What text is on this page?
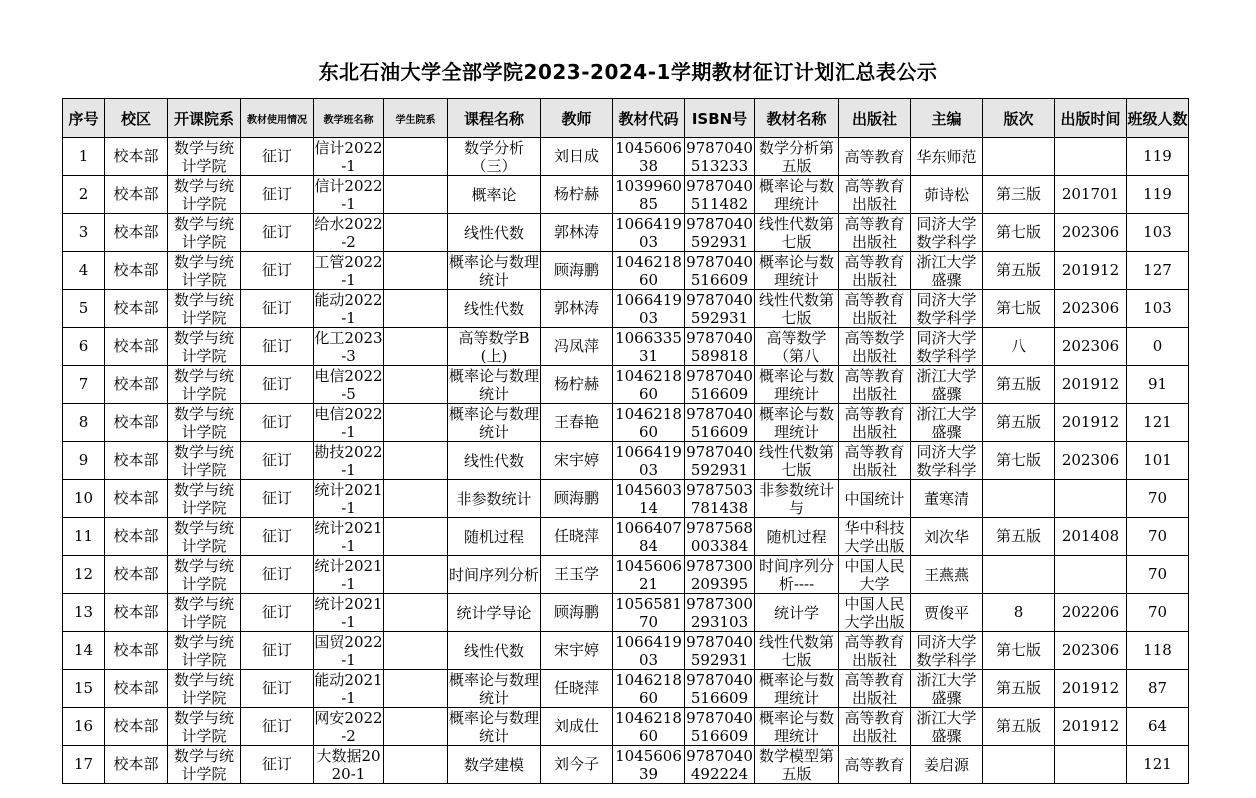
东北石油大学全部学院2023-2024-1学期教材征订计划汇总表公示
序号	校区	开课院系	教材使用情况	教学班名称	学生院系	课程名称	教师	教材代码	ISBN号	教材名称	出版社	主编	版次	出版时间	班级人数

1	校本部	数学与统计学院	征订	信计2022-1		数学分析（三）	刘日成	104560638	9787040513233	数学分析第五版	高等教育	华东师范			119

2	校本部	数学与统计学院	征订	信计2022-1		概率论	杨柠赫	103996085	9787040511482	概率论与数理统计	高等教育出版社	茆诗松	第三版	201701	119

3	校本部	数学与统计学院	征订	给水2022-2		线性代数	郭林涛	106641903	9787040592931	线性代数第七版	高等教育出版社	同济大学数学科学	第七版	202306	103

4	校本部	数学与统计学院	征订	工管2022-1		概率论与数理统计	顾海鹏	104621860	9787040516609	概率论与数理统计	高等教育出版社	浙江大学盛骤	第五版	201912	127

5	校本部	数学与统计学院	征订	能动2022-1		线性代数	郭林涛	106641903	9787040592931	线性代数第七版	高等教育出版社	同济大学数学科学	第七版	202306	103

6	校本部	数学与统计学院	征订	化工2023-3		高等数学B(上)	冯凤萍	106633531	9787040589818	高等数学（第八	高等数学出版社	同济大学数学科学	八	202306	0

7	校本部	数学与统计学院	征订	电信2022-5		概率论与数理统计	杨柠赫	104621860	9787040516609	概率论与数理统计	高等教育出版社	浙江大学盛骤	第五版	201912	91

8	校本部	数学与统计学院	征订	电信2022-1		概率论与数理统计	王春艳	104621860	9787040516609	概率论与数理统计	高等教育出版社	浙江大学盛骤	第五版	201912	121

9	校本部	数学与统计学院	征订	勘技2022-1		线性代数	宋宇婷	106641903	9787040592931	线性代数第七版	高等教育出版社	同济大学数学科学	第七版	202306	101

10	校本部	数学与统计学院	征订	统计2021-1		非参数统计	顾海鹏	104560314	9787503781438	非参数统计与	中国统计	董寒清			70

11	校本部	数学与统计学院	征订	统计2021-1		随机过程	任晓萍	106640784	9787568003384	随机过程	华中科技大学出版	刘次华	第五版	201408	70

12	校本部	数学与统计学院	征订	统计2021-1		时间序列分析	王玉学	104560621	9787300209395	时间序列分析----	中国人民大学	王燕燕			70

13	校本部	数学与统计学院	征订	统计2021-1		统计学导论	顾海鹏	105658170	9787300293103	统计学	中国人民大学出版	贾俊平	8	202206	70

14	校本部	数学与统计学院	征订	国贸2022-1		线性代数	宋宇婷	106641903	9787040592931	线性代数第七版	高等教育出版社	同济大学数学科学	第七版	202306	118

15	校本部	数学与统计学院	征订	能动2021-1		概率论与数理统计	任晓萍	104621860	9787040516609	概率论与数理统计	高等教育出版社	浙江大学盛骤	第五版	201912	87

16	校本部	数学与统计学院	征订	网安2022-2		概率论与数理统计	刘成仕	104621860	9787040516609	概率论与数理统计	高等教育出版社	浙江大学盛骤	第五版	201912	64

17	校本部	数学与统计学院	征订	大数据2020-1		数学建模	刘今子	104560639	9787040492224	数学模型第五版	高等教育	姜启源			121
